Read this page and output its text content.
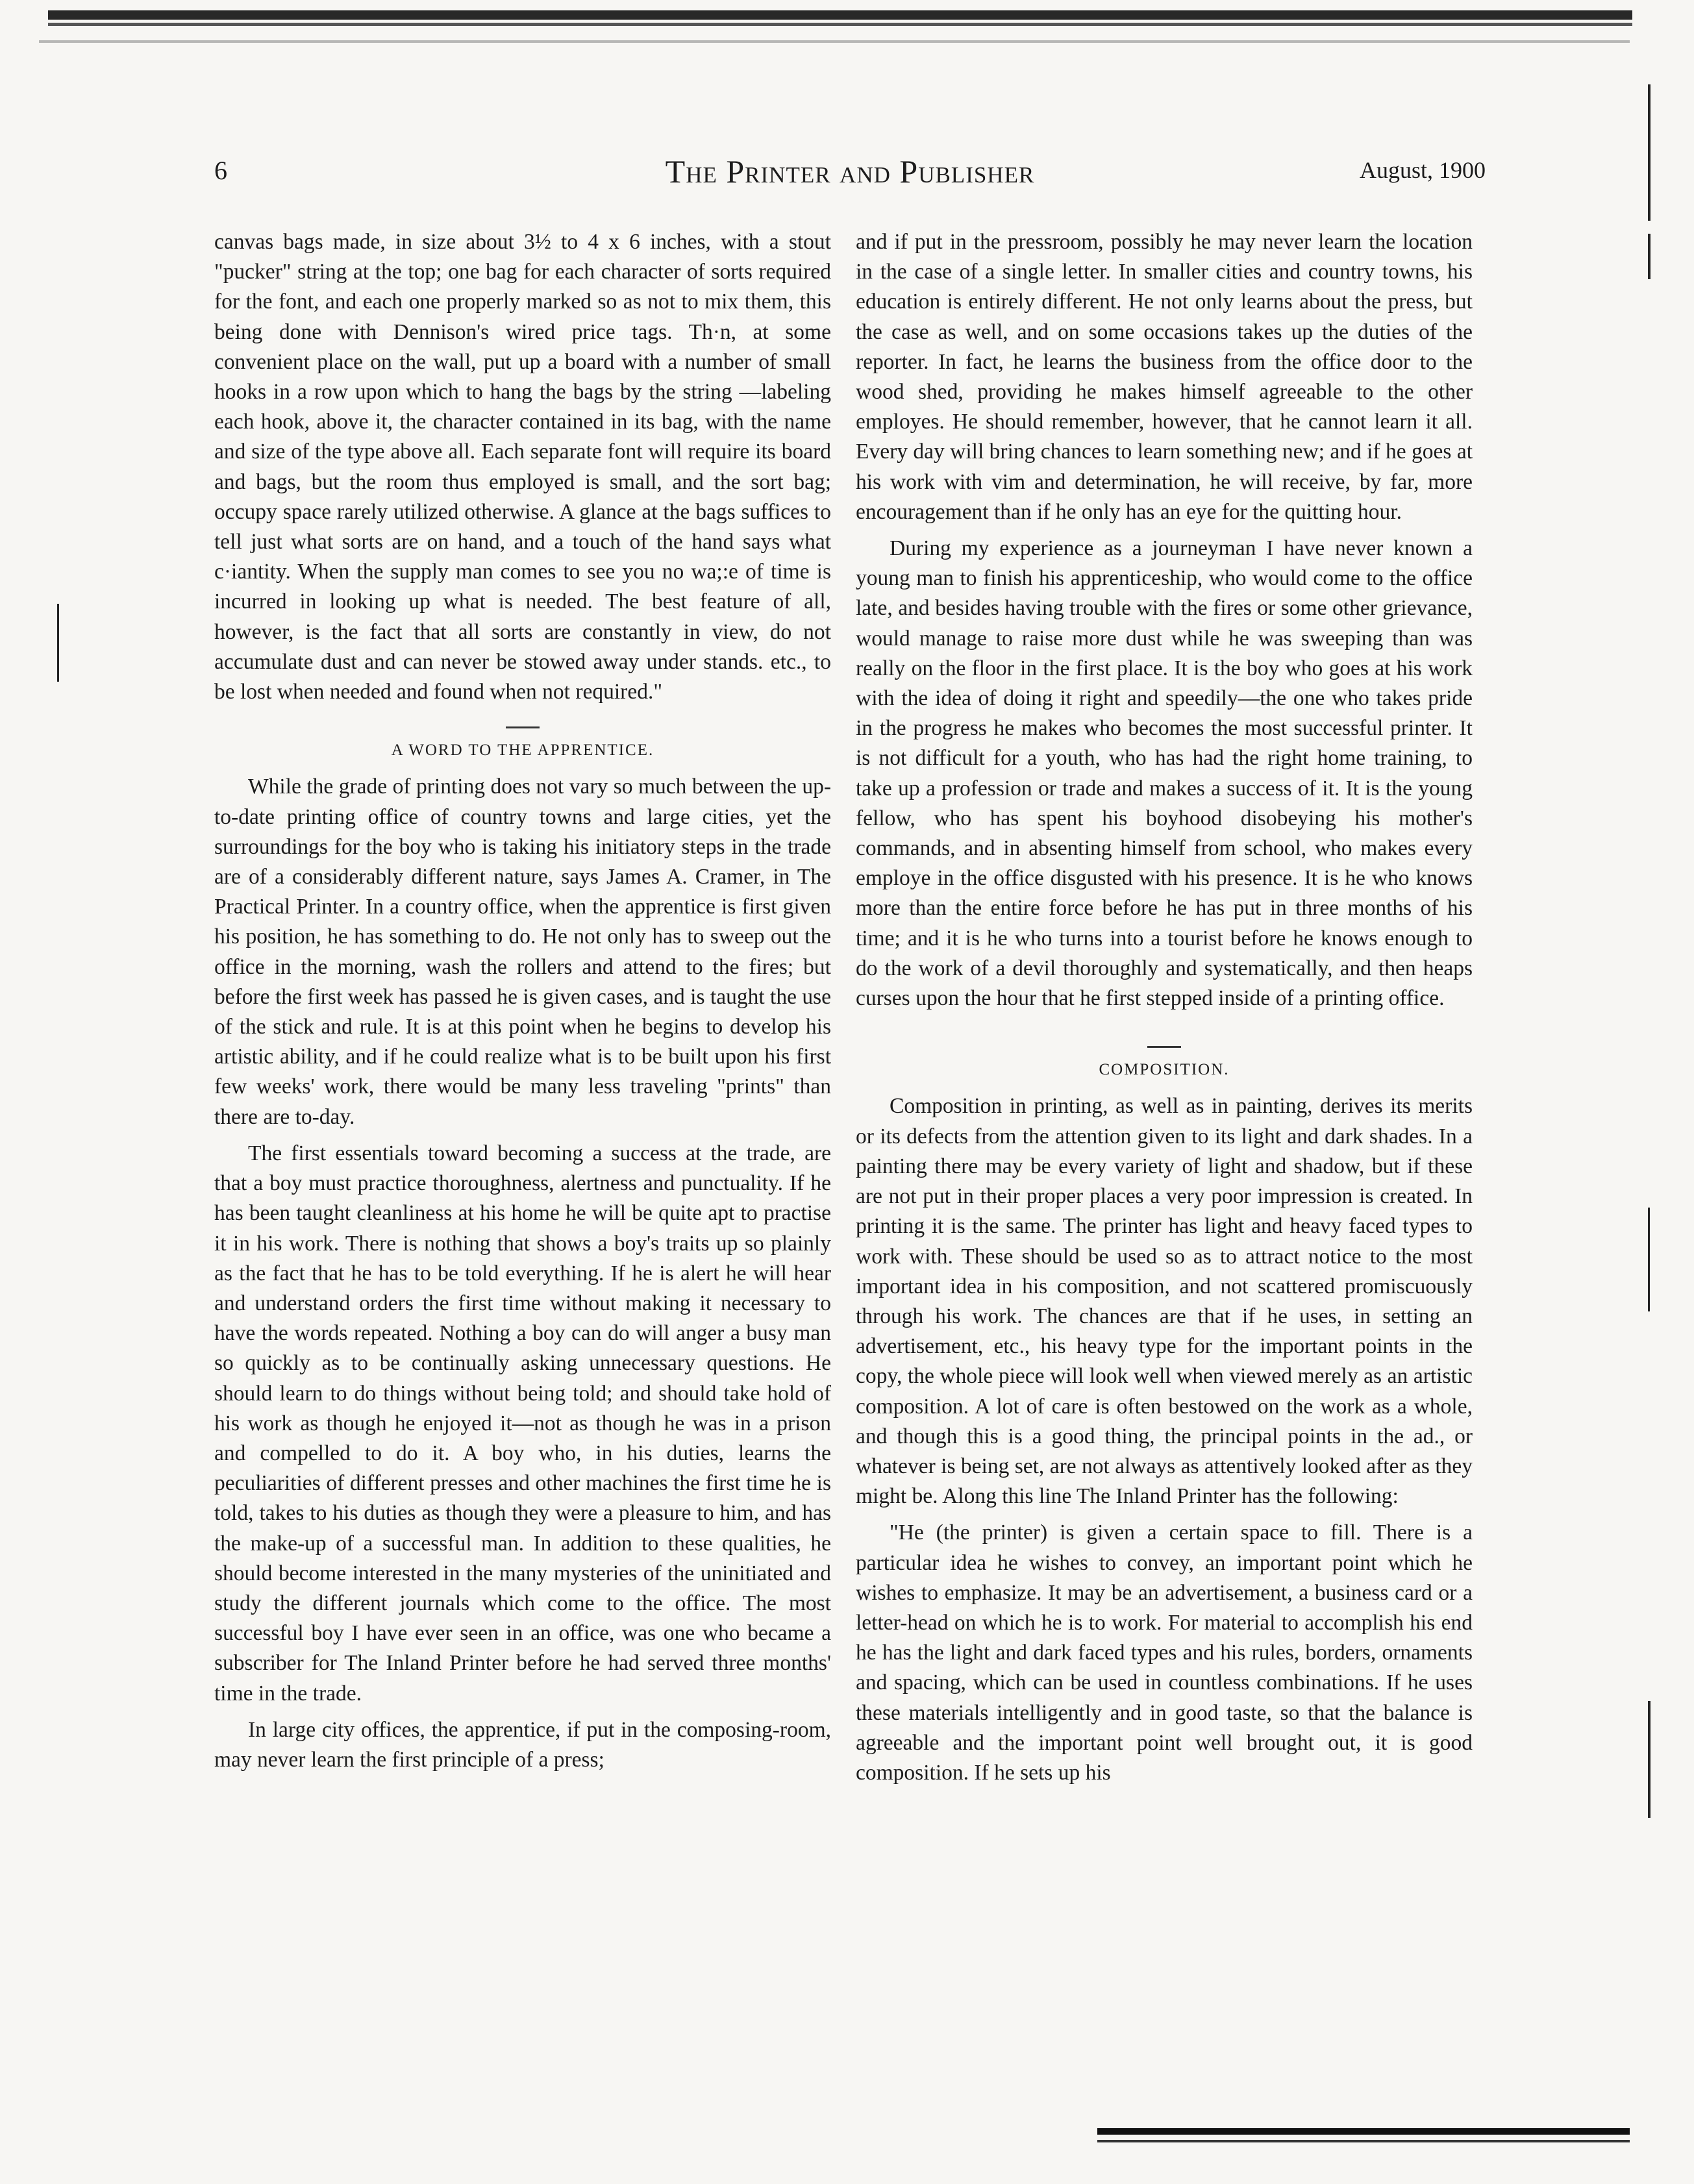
6	The Printer and Publisher	August, 1900

canvas bags made, in size about 3½ to 4 x 6 inches, with a stout "pucker" string at the top; one bag for each character of sorts required for the font, and each one properly marked so as not to mix them, this being done with Dennison's wired price tags. Th·n, at some convenient place on the wall, put up a board with a number of small hooks in a row upon which to hang the bags by the string —labeling each hook, above it, the character contained in its bag, with the name and size of the type above all. Each separate font will require its board and bags, but the room thus employed is small, and the sort bag; occupy space rarely utilized otherwise. A glance at the bags suffices to tell just what sorts are on hand, and a touch of the hand says what c·iantity. When the supply man comes to see you no wa;:e of time is incurred in looking up what is needed. The best feature of all, however, is the fact that all sorts are constantly in view, do not accumulate dust and can never be stowed away under stands. etc., to be lost when needed and found when not required."

A WORD TO THE APPRENTICE.

While the grade of printing does not vary so much between the up-to-date printing office of country towns and large cities, yet the surroundings for the boy who is taking his initiatory steps in the trade are of a considerably different nature, says James A. Cramer, in The Practical Printer. In a country office, when the apprentice is first given his position, he has something to do. He not only has to sweep out the office in the morning, wash the rollers and attend to the fires; but before the first week has passed he is given cases, and is taught the use of the stick and rule. It is at this point when he begins to develop his artistic ability, and if he could realize what is to be built upon his first few weeks' work, there would be many less traveling "prints" than there are to-day.

The first essentials toward becoming a success at the trade, are that a boy must practice thoroughness, alertness and punctuality. If he has been taught cleanliness at his home he will be quite apt to practise it in his work. There is nothing that shows a boy's traits up so plainly as the fact that he has to be told everything. If he is alert he will hear and understand orders the first time without making it necessary to have the words repeated. Nothing a boy can do will anger a busy man so quickly as to be continually asking unnecessary questions. He should learn to do things without being told; and should take hold of his work as though he enjoyed it—not as though he was in a prison and compelled to do it. A boy who, in his duties, learns the peculiarities of different presses and other machines the first time he is told, takes to his duties as though they were a pleasure to him, and has the make-up of a successful man. In addition to these qualities, he should become interested in the many mysteries of the uninitiated and study the different journals which come to the office. The most successful boy I have ever seen in an office, was one who became a subscriber for The Inland Printer before he had served three months' time in the trade.

In large city offices, the apprentice, if put in the composing-room, may never learn the first principle of a press;

and if put in the pressroom, possibly he may never learn the location in the case of a single letter. In smaller cities and country towns, his education is entirely different. He not only learns about the press, but the case as well, and on some occasions takes up the duties of the reporter. In fact, he learns the business from the office door to the wood shed, providing he makes himself agreeable to the other employes. He should remember, however, that he cannot learn it all. Every day will bring chances to learn something new; and if he goes at his work with vim and determination, he will receive, by far, more encouragement than if he only has an eye for the quitting hour.

During my experience as a journeyman I have never known a young man to finish his apprenticeship, who would come to the office late, and besides having trouble with the fires or some other grievance, would manage to raise more dust while he was sweeping than was really on the floor in the first place. It is the boy who goes at his work with the idea of doing it right and speedily—the one who takes pride in the progress he makes who becomes the most successful printer. It is not difficult for a youth, who has had the right home training, to take up a profession or trade and makes a success of it. It is the young fellow, who has spent his boyhood disobeying his mother's commands, and in absenting himself from school, who makes every employe in the office disgusted with his presence. It is he who knows more than the entire force before he has put in three months of his time; and it is he who turns into a tourist before he knows enough to do the work of a devil thoroughly and systematically, and then heaps curses upon the hour that he first stepped inside of a printing office.

COMPOSITION.

Composition in printing, as well as in painting, derives its merits or its defects from the attention given to its light and dark shades. In a painting there may be every variety of light and shadow, but if these are not put in their proper places a very poor impression is created. In printing it is the same. The printer has light and heavy faced types to work with. These should be used so as to attract notice to the most important idea in his composition, and not scattered promiscuously through his work. The chances are that if he uses, in setting an advertisement, etc., his heavy type for the important points in the copy, the whole piece will look well when viewed merely as an artistic composition. A lot of care is often bestowed on the work as a whole, and though this is a good thing, the principal points in the ad., or whatever is being set, are not always as attentively looked after as they might be. Along this line The Inland Printer has the following:

"He (the printer) is given a certain space to fill. There is a particular idea he wishes to convey, an important point which he wishes to emphasize. It may be an advertisement, a business card or a letter-head on which he is to work. For material to accomplish his end he has the light and dark faced types and his rules, borders, ornaments and spacing, which can be used in countless combinations. If he uses these materials intelligently and in good taste, so that the balance is agreeable and the important point well brought out, it is good composition. If he sets up his
